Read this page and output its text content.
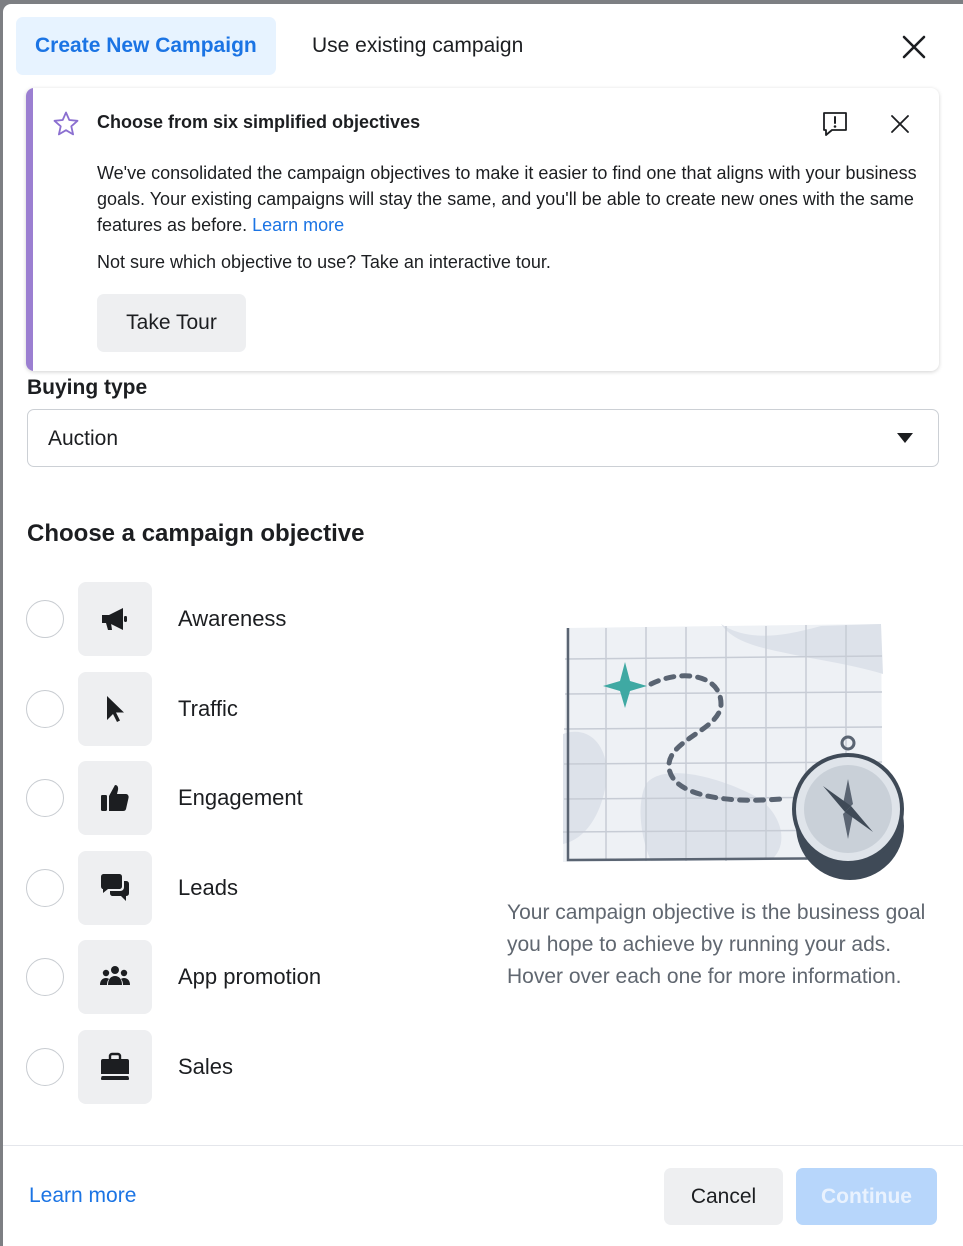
Create New Campaign	Use existing campaign
Choose from six simplified objectives
We've consolidated the campaign objectives to make it easier to find one that aligns with your business goals. Your existing campaigns will stay the same, and you'll be able to create new ones with the same features as before. Learn more
Not sure which objective to use? Take an interactive tour.
Take Tour
Buying type
Auction
Choose a campaign objective
Awareness
Traffic
Engagement
Leads
App promotion
Sales
Your campaign objective is the business goal you hope to achieve by running your ads. Hover over each one for more information.
Learn more	Cancel	Continue
